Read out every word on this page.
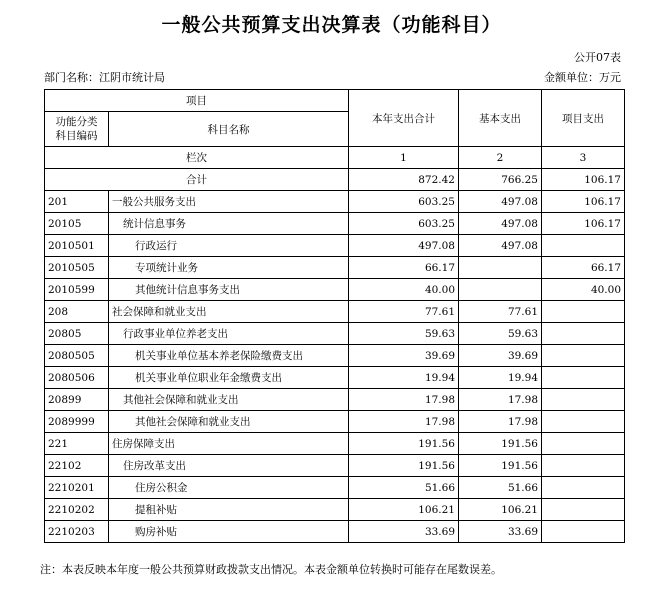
一般公共预算支出决算表（功能科目）
公开07表
部门名称：江阴市统计局	金额单位：万元
项目		本年支出合计	基本支出	项目支出
功能分类
科目编码	科目名称			
栏次		1	2	3
合计		872.42	766.25	106.17
201	一般公共服务支出	603.25	497.08	106.17
20105	统计信息事务	603.25	497.08	106.17
2010501	行政运行	497.08	497.08	
2010505	专项统计业务	66.17		66.17
2010599	其他统计信息事务支出	40.00		40.00
208	社会保障和就业支出	77.61	77.61	
20805	行政事业单位养老支出	59.63	59.63	
2080505	机关事业单位基本养老保险缴费支出	39.69	39.69	
2080506	机关事业单位职业年金缴费支出	19.94	19.94	
20899	其他社会保障和就业支出	17.98	17.98	
2089999	其他社会保障和就业支出	17.98	17.98	
221	住房保障支出	191.56	191.56	
22102	住房改革支出	191.56	191.56	
2210201	住房公积金	51.66	51.66	
2210202	提租补贴	106.21	106.21	
2210203	购房补贴	33.69	33.69	
注：本表反映本年度一般公共预算财政拨款支出情况。本表金额单位转换时可能存在尾数误差。
